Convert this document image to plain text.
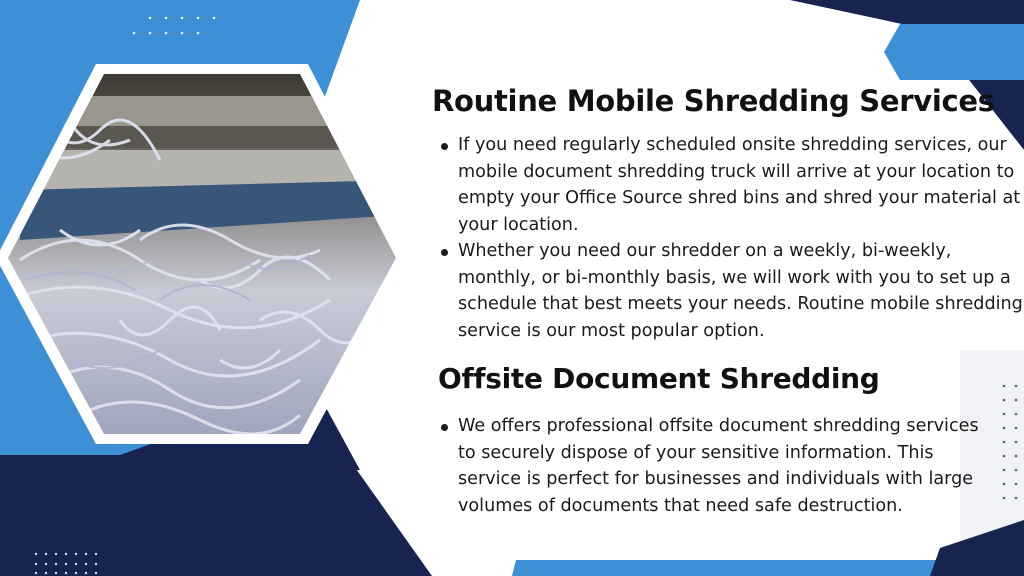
Routine Mobile Shredding Services
If you need regularly scheduled onsite shredding services, our mobile document shredding truck will arrive at your location to empty your Office Source shred bins and shred your material at your location.
Whether you need our shredder on a weekly, bi-weekly, monthly, or bi-monthly basis, we will work with you to set up a schedule that best meets your needs. Routine mobile shredding service is our most popular option.
Offsite Document Shredding
We offers professional offsite document shredding services to securely dispose of your sensitive information. This service is perfect for businesses and individuals with large volumes of documents that need safe destruction.
